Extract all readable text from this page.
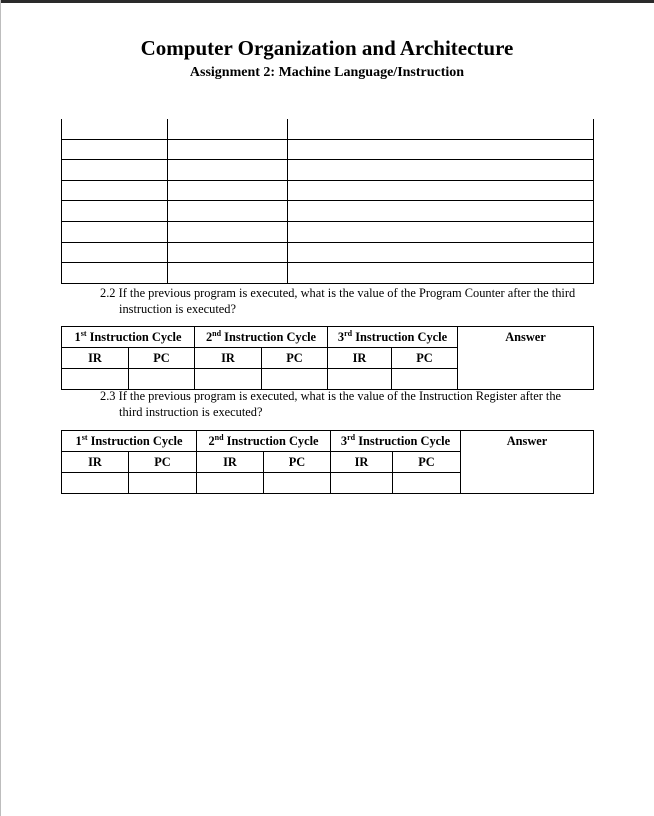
Computer Organization and Architecture
Assignment 2: Machine Language/Instruction

2.2 If the previous program is executed, what is the value of the Program Counter after the third
instruction is executed?
1st Instruction Cycle		2nd Instruction Cycle		3rd Instruction Cycle		Answer
IR	PC	IR	PC	IR	PC	

2.3 If the previous program is executed, what is the value of the Instruction Register after the
third instruction is executed?
1st Instruction Cycle		2nd Instruction Cycle		3rd Instruction Cycle		Answer
IR	PC	IR	PC	IR	PC	
